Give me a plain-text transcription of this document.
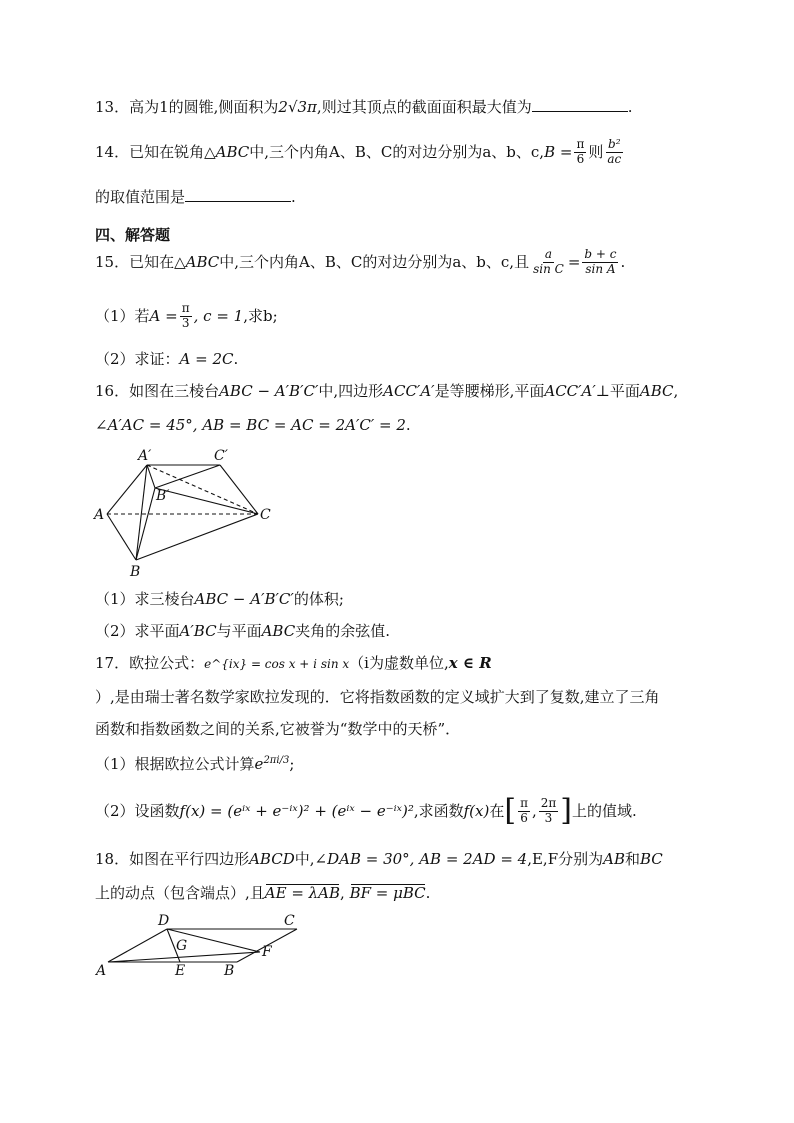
13．高为1的圆锥,侧面积为2√3π,则过其顶点的截面面积最大值为	.
14．已知在锐角 △ABC 中,三个内角A、B、C的对边分别为a、b、c, $B = \frac{\pi}{6}$ 则 $\frac{\text{b²}}{ac}$
的取值范围是	.
四、解答题
15．已知在 △ABC 中,三个内角A、B、C的对边分别为a、b、c,且 $\frac{a}{\text{sin C}} = \frac{b + c}{\text{sin A}}$ .
（1）若 $A = \frac{\pi}{3}$ , c = 1 ,求b;
（2）求证：A = 2C.
16．如图在三棱台ABC − A′B′C′中,四边形ACC′A′是等腰梯形,平面ACC′A′⊥平面ABC,
∠A′AC = 45°, AB = BC = AC = 2A′C′ = 2.
A′	C′
B′
A	C
B
（1）求三棱台ABC − A′B′C′的体积;
（2）求平面A′BC与平面ABC夹角的余弦值.
17．欧拉公式：e^{ix} = cos x + i sin x（i为虚数单位,x ∈ R
）,是由瑞士著名数学家欧拉发现的．它将指数函数的定义域扩大到了复数,建立了三角
函数和指数函数之间的关系,它被誉为“数学中的天桥”．
（1）根据欧拉公式计算$e^{2\pi i/3}$;
（2）设函数 f(x) = (eⁱˣ + e⁻ⁱˣ)² + (eⁱˣ − e⁻ⁱˣ)² ,求函数 f(x) 在 [ $\frac{\pi}{6}$ , $\frac{2\pi}{3}$ ] 上的值域.
18．如图在平行四边形ABCD中,∠DAB = 30°, AB = 2AD = 4,E,F分别为AB和BC
上的动点（包含端点）,且AE = λAB, BF = μBC.
D	C
G	F
A	E	B
